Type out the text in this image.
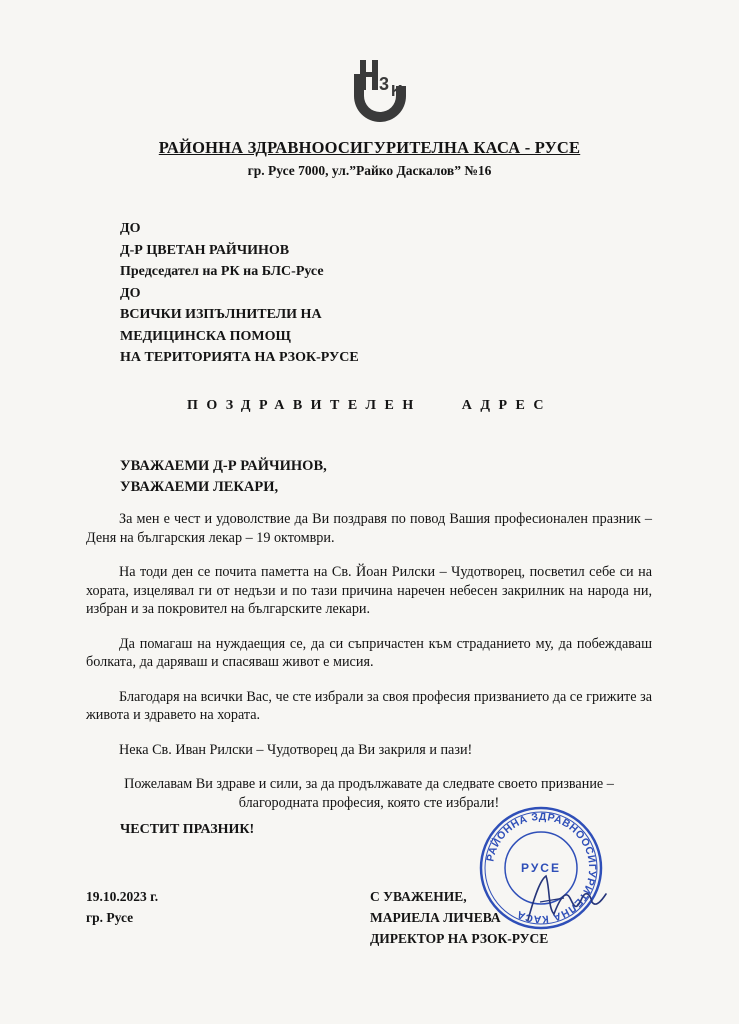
3 K
РАЙОННА ЗДРАВНООСИГУРИТЕЛНА КАСА - РУСЕ
гр. Русе 7000, ул.”Райко Даскалов” №16
ДО
Д-Р ЦВЕТАН РАЙЧИНОВ
Председател на РК на БЛС-Русе
ДО
ВСИЧКИ ИЗПЪЛНИТЕЛИ НА
МЕДИЦИНСКА ПОМОЩ
НА ТЕРИТОРИЯТА НА РЗОК-РУСЕ
ПОЗДРАВИТЕЛЕН	АДРЕС
УВАЖАЕМИ Д-Р РАЙЧИНОВ,
УВАЖАЕМИ ЛЕКАРИ,

За мен е чест и удоволствие да Ви поздравя по повод Вашия професионален празник – Деня на българския лекар – 19 октомври.

На тоди ден се почита паметта на Св. Йоан Рилски – Чудотворец, посветил себе си на хората, изцелявал ги от недъзи и по тази причина наречен небесен закрилник на народа ни, избран и за покровител на българските лекари.

Да помагаш на нуждаещия се, да си съпричастен към страданието му, да побеждаваш болката, да даряваш и спасяваш живот е мисия.

Благодаря на всички Вас, че сте избрали за своя професия призванието да се грижите за живота и здравето на хората.

Нека Св. Иван Рилски – Чудотворец да Ви закриля и пази!

Пожелавам Ви здраве и сили, за да продължавате да следвате своето призвание – благородната професия, която сте избрали!

ЧЕСТИТ ПРАЗНИК!
19.10.2023 г.
гр. Русе
РАЙОННА ЗДРАВНООСИГУРИТЕЛНА КАСА
РУСЕ
С УВАЖЕНИЕ,
МАРИЕЛА ЛИЧЕВА
ДИРЕКТОР НА РЗОК-РУСЕ
